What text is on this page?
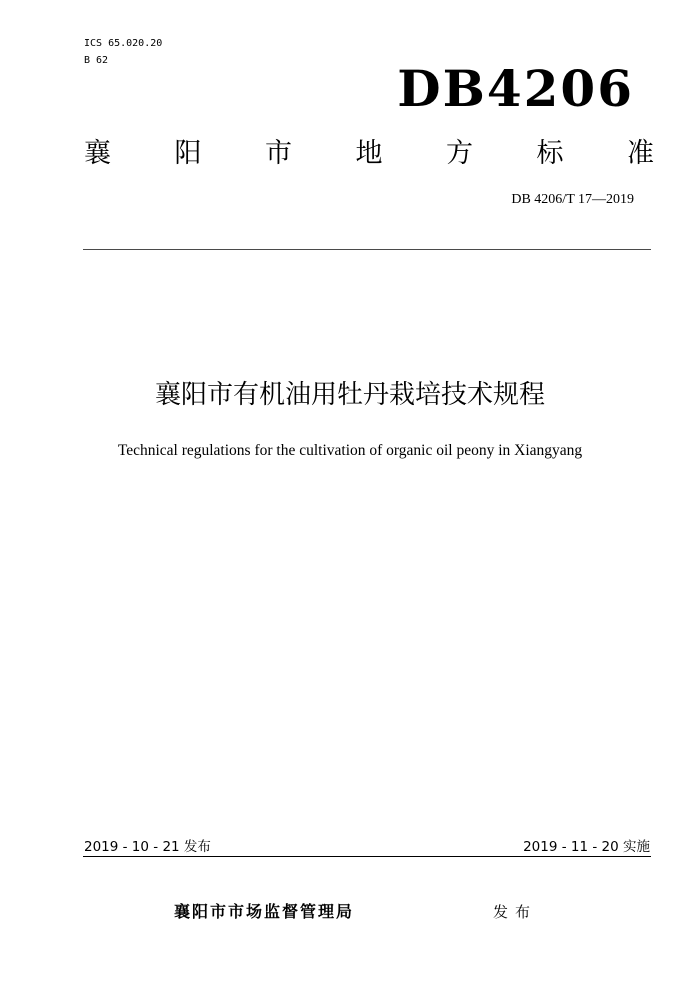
ICS 65.020.20
B 62	DB4206
襄 阳 市 地 方 标 准
DB 4206/T 17—2019
襄阳市有机油用牡丹栽培技术规程
Technical regulations for the cultivation of organic oil peony in Xiangyang
2019 - 10 - 21 发布	2019 - 11 - 20 实施
襄阳市市场监督管理局	发布
